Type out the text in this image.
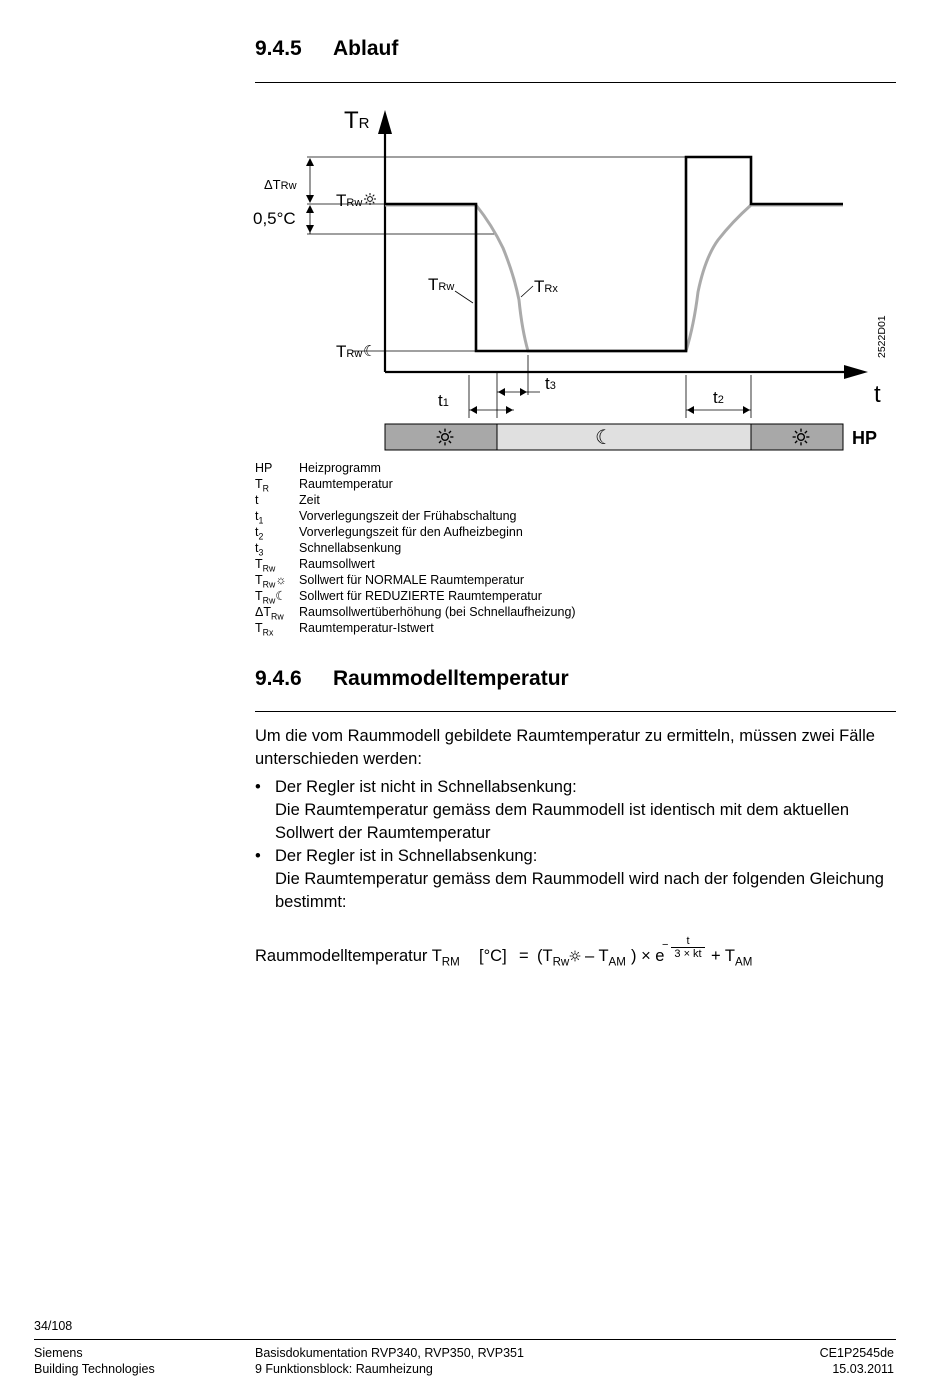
9.4.5 Ablauf
TR
t
ΔTRw
0,5°C
TRw
TRw ☾
TRw	TRx
t1
t3
t2
2522D01
☾	HP
HP	Heizprogramm
$T_R$	Raumtemperatur
t	Zeit
$t_1$	Vorverlegungszeit der Frühabschaltung
$t_2$	Vorverlegungszeit für den Aufheizbeginn
$t_3$	Schnellabsenkung
$T_{Rw}$	Raumsollwert
$T_{Rw}☼$ Sollwert für NORMALE Raumtemperatur
$T_{Rw}☾$	Sollwert für REDUZIERTE Raumtemperatur
$\Delta T_{Rw}$	Raumsollwertüberhöhung (bei Schnellaufheizung)
$T_{Rx}$	Raumtemperatur-Istwert
9.4.6 Raummodelltemperatur
Um die vom Raummodell gebildete Raumtemperatur zu ermitteln, müssen zwei Fälle unterschieden werden:
• Der Regler ist nicht in Schnellabsenkung:
Die Raumtemperatur gemäss dem Raummodell ist identisch mit dem aktuellen Sollwert der Raumtemperatur
• Der Regler ist in Schnellabsenkung:
Die Raumtemperatur gemäss dem Raummodell wird nach der folgenden Gleichung bestimmt:
Raummodelltemperatur $T_{RM}$ $[^\circ C] = (T_{Rw} - T_{AM}$ ) × e
−	t
3 × kt + $T_{AM}$
34/108
Siemens
Building Technologies
Basisdokumentation RVP340, RVP350, RVP351
9 Funktionsblock: Raumheizung
CE1P2545de
15.03.2011
